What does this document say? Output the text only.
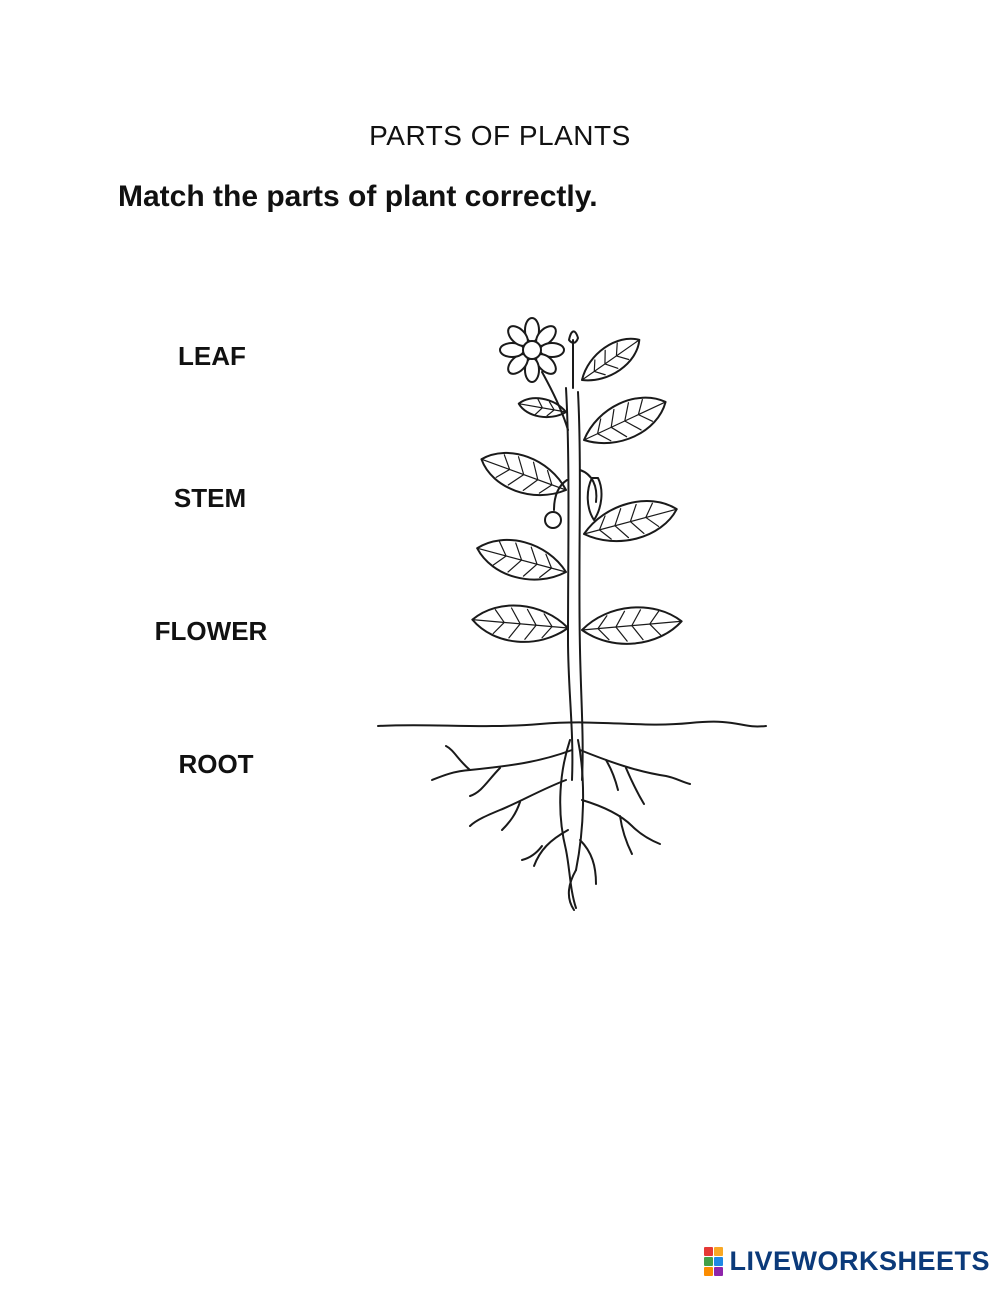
PARTS OF PLANTS
Match the parts of plant correctly.
LEAF
STEM
FLOWER
ROOT
LIVEWORKSHEETS
